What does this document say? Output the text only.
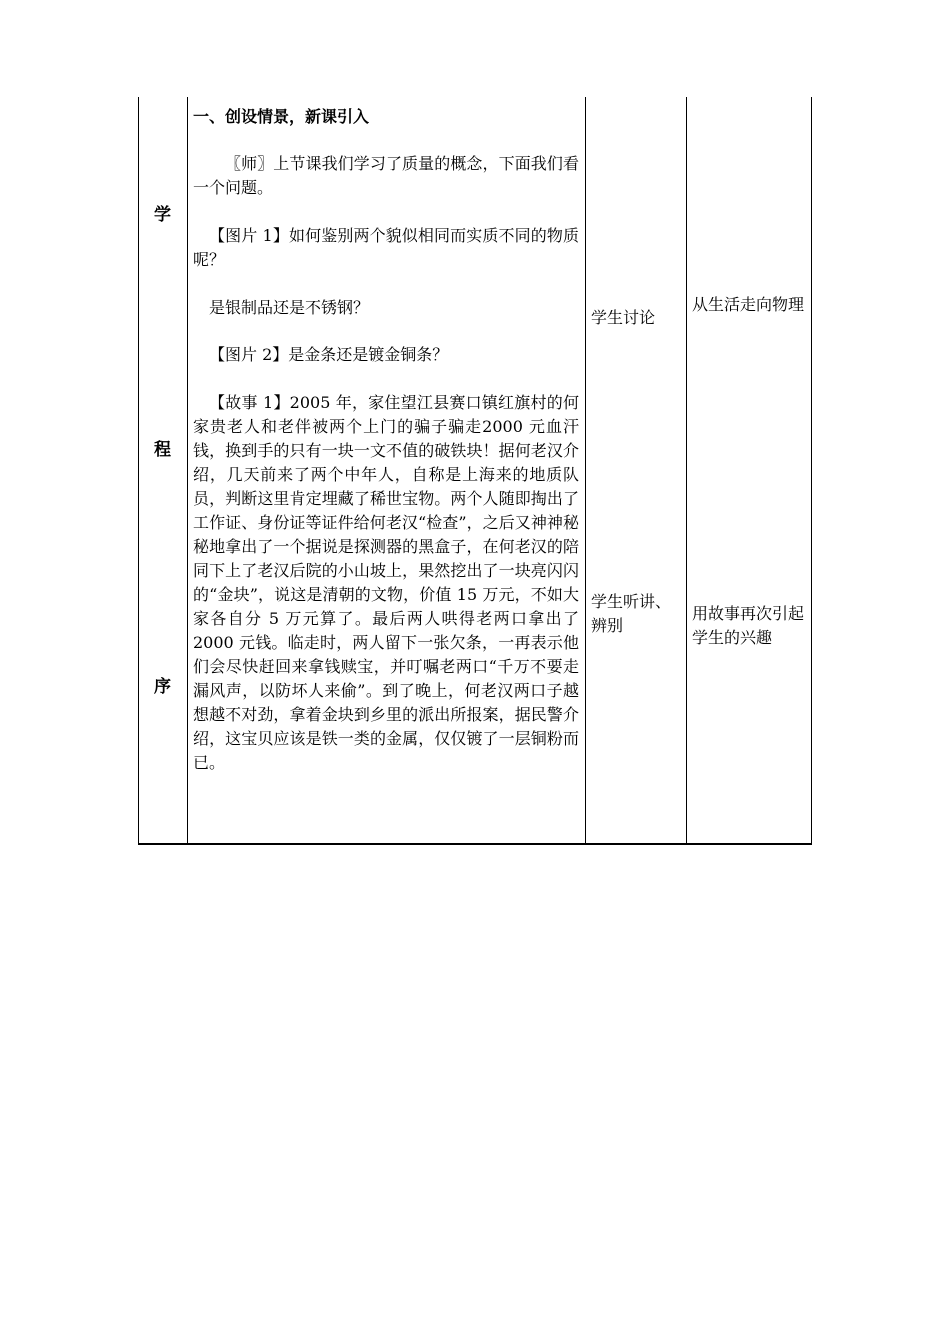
学
程
序
一、创设情景，新课引入

〖师〗上节课我们学习了质量的概念，下面我们看一个问题。

【图片 1】如何鉴别两个貌似相同而实质不同的物质呢？

是银制品还是不锈钢？

【图片 2】是金条还是镀金铜条？

【故事 1】2005 年，家住望江县赛口镇红旗村的何家贵老人和老伴被两个上门的骗子骗走2000 元血汗钱，换到手的只有一块一文不值的破铁块！据何老汉介绍，几天前来了两个中年人，自称是上海来的地质队员，判断这里肯定埋藏了稀世宝物。两个人随即掏出了工作证、身份证等证件给何老汉“检查”，之后又神神秘秘地拿出了一个据说是探测器的黑盒子，在何老汉的陪同下上了老汉后院的小山坡上，果然挖出了一块亮闪闪的“金块”，说这是清朝的文物，价值 15 万元，不如大家各自分 5 万元算了。最后两人哄得老两口拿出了 2000 元钱。临走时，两人留下一张欠条，一再表示他们会尽快赶回来拿钱赎宝，并叮嘱老两口“千万不要走漏风声，以防坏人来偷”。到了晚上，何老汉两口子越想越不对劲，拿着金块到乡里的派出所报案，据民警介绍，这宝贝应该是铁一类的金属，仅仅镀了一层铜粉而已。

学生讨论
学生听讲、辨别
从生活走向物理
用故事再次引起学生的兴趣
